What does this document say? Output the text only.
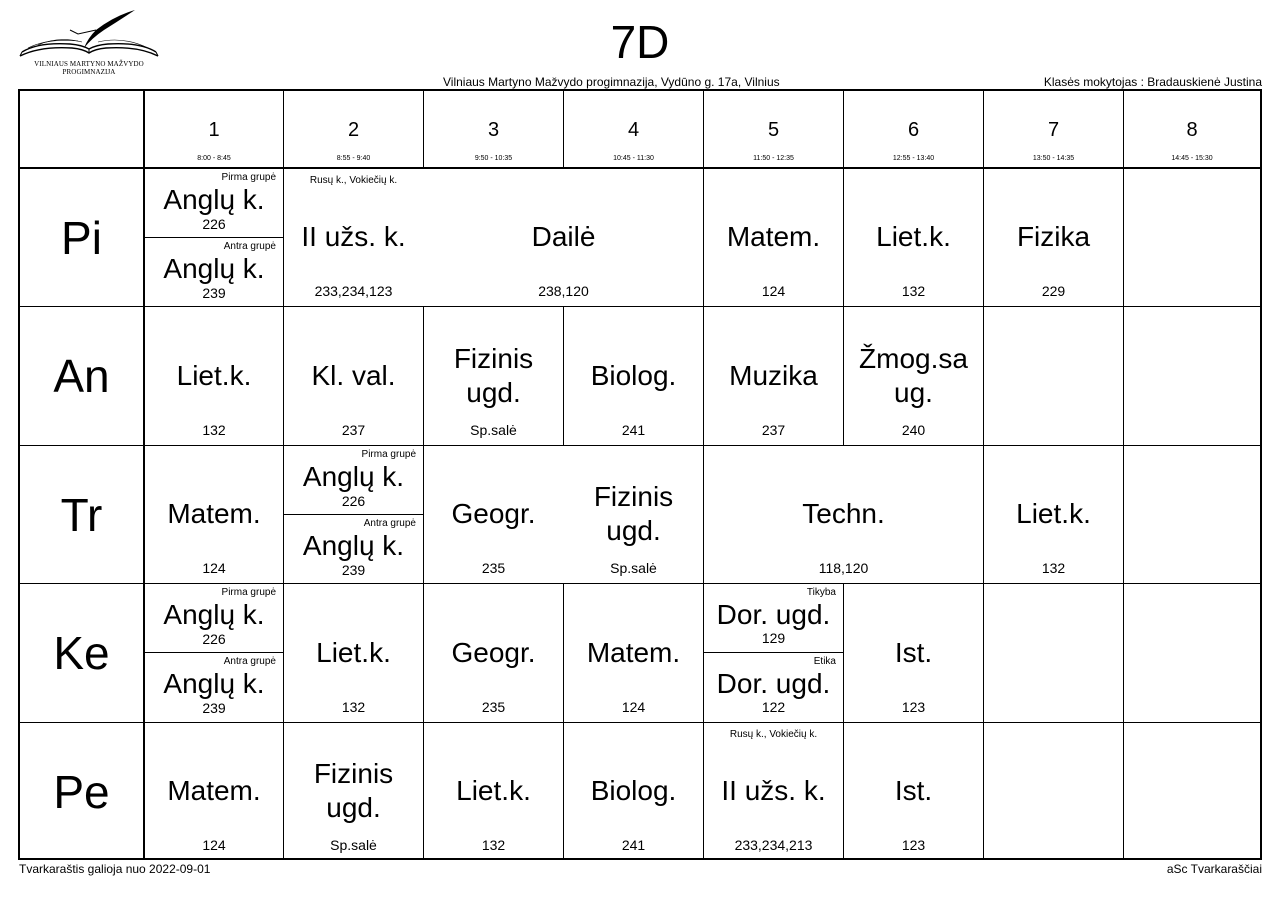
VILNIAUS MARTYNO MAŽVYDO
PROGIMNAZIJA
7D
Vilniaus Martyno Mažvydo progimnazija, Vydūno g. 17a, Vilnius	Klasės mokytojas : Bradauskienė Justina
1
8:00 - 8:45
2
8:55 - 9:40
3
9:50 - 10:35
4
10:45 - 11:30
5
11:50 - 12:35
6
12:55 - 13:40
7
13:50 - 14:35
8
14:45 - 15:30
Pi
An
Tr
Ke
Pe
Pirma grupė
Anglų k.
226
Antra grupė
Anglų k.
239
Rusų k., Vokiečių k.
II užs. k.
233,234,123
Dailė
238,120
Matem.
124
Liet.k.
132
Fizika
229
Liet.k.
132
Kl. val.
237
Fizinis
ugd.
Sp.salė
Biolog.
241
Muzika
237
Žmog.sa
ug.
240
Matem.
124
Pirma grupė
Anglų k.
226
Antra grupė
Anglų k.
239
Geogr.
235
Fizinis
ugd.
Sp.salė
Techn.
118,120
Liet.k.
132
Pirma grupė
Anglų k.
226
Antra grupė
Anglų k.
239
Liet.k.
132
Geogr.
235
Matem.
124
Tikyba
Dor. ugd.
129
Etika
Dor. ugd.
122
Ist.
123
Matem.
124
Fizinis
ugd.
Sp.salė
Liet.k.
132
Biolog.
241
Rusų k., Vokiečių k.
II užs. k.
233,234,213
Ist.
123
Tvarkaraštis galioja nuo 2022-09-01	aSc Tvarkaraščiai
